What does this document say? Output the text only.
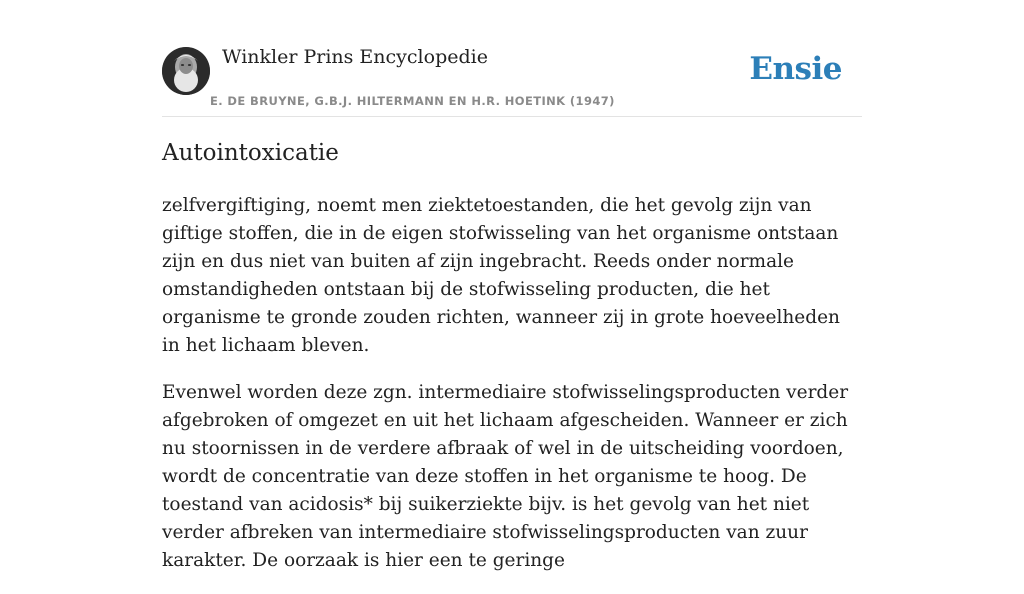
Winkler Prins Encyclopedie
E. DE BRUYNE, G.B.J. HILTERMANN EN H.R. HOETINK (1947)
Ensie
Autointoxicatie

zelfvergiftiging, noemt men ziektetoestanden, die het gevolg zijn van giftige stoffen, die in de eigen stofwisseling van het organisme ontstaan zijn en dus niet van buiten af zijn ingebracht. Reeds onder normale omstandigheden ontstaan bij de stofwisseling producten, die het organisme te gronde zouden richten, wanneer zij in grote hoeveelheden in het lichaam bleven.

Evenwel worden deze zgn. intermediaire stofwisselingsproducten verder afgebroken of omgezet en uit het lichaam afgescheiden. Wanneer er zich nu stoornissen in de verdere afbraak of wel in de uitscheiding voordoen, wordt de concentratie van deze stoffen in het organisme te hoog. De toestand van acidosis* bij suikerziekte bijv. is het gevolg van het niet verder afbreken van intermediaire stofwisselingsproducten van zuur karakter. De oorzaak is hier een te geringe
